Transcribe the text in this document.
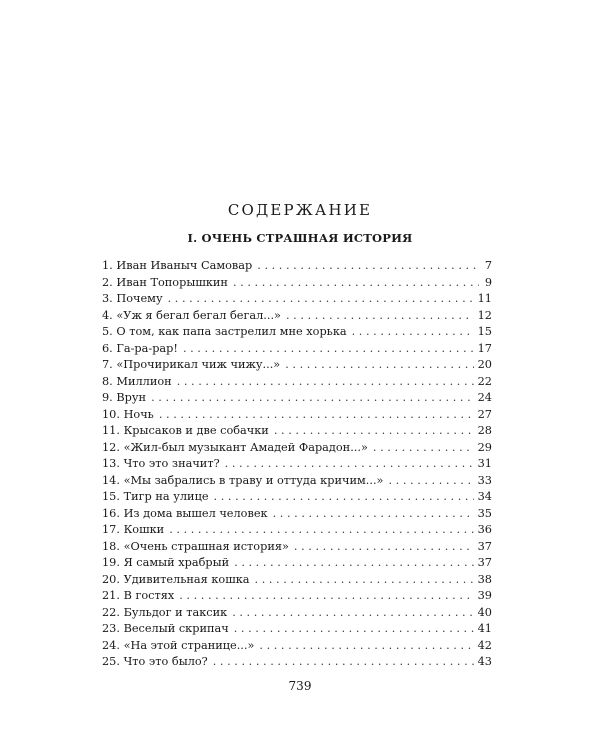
СОДЕРЖАНИЕ
I. ОЧЕНЬ СТРАШНАЯ ИСТОРИЯ
1.
Иван Иваныч Самовар . . .	7
2.
Иван Топорышкин . . .	9
3.
Почему . . .	11
4.
«Уж я бегал бегал бегал...» . . .	12
5.
О том, как папа застрелил мне хорька . . .	15
6.
Га-ра-рар! . . .	17
7.
«Прочирикал чиж чижу...» . . .	20
8.
Миллион . . .	22
9.
Врун . . .	24
10.
Ночь . . .	27
11.
Крысаков и две собачки . . .	28
12.
«Жил-был музыкант Амадей Фарадон...» . . .	29
13.
Что это значит? . . .	31
14.
«Мы забрались в траву и оттуда кричим...» . . .	33
15.
Тигр на улице . . .	34
16.
Из дома вышел человек . . .	35
17.
Кошки . . .	36
18.
«Очень страшная история» . . .	37
19.
Я самый храбрый . . .	37
20.
Удивительная кошка . . .	38
21.
В гостях . . .	39
22.
Бульдог и таксик . . .	40
23.
Веселый скрипач . . .	41
24.
«На этой странице...» . . .	42
25.
Что это было? . . .	43
739
